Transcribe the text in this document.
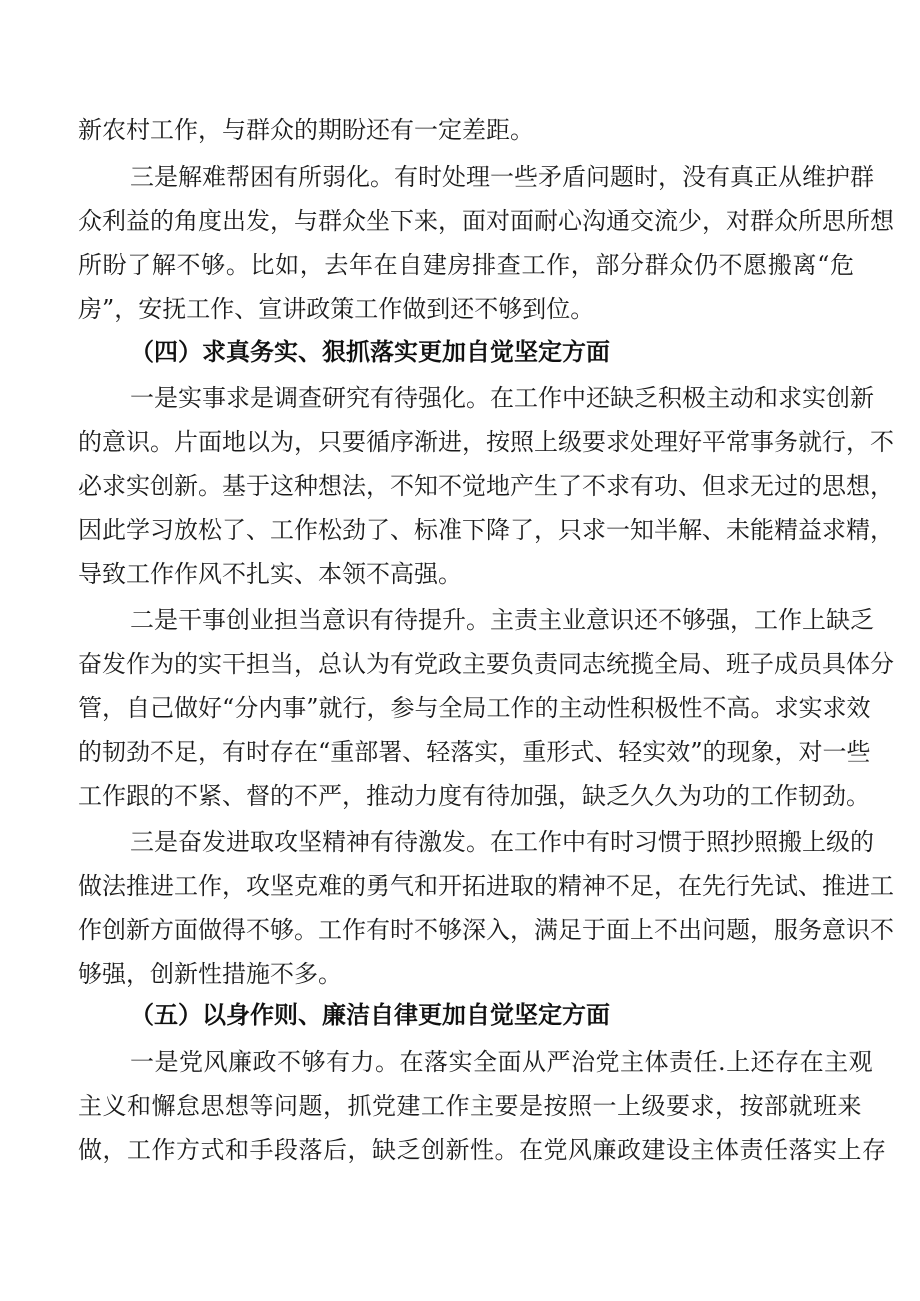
新农村工作，与群众的期盼还有一定差距。
三是解难帮困有所弱化。有时处理一些矛盾问题时，没有真正从维护群
众利益的角度出发，与群众坐下来，面对面耐心沟通交流少，对群众所思所想
所盼了解不够。比如，去年在自建房排查工作，部分群众仍不愿搬离“危
房”，安抚工作、宣讲政策工作做到还不够到位。
（四）求真务实、狠抓落实更加自觉坚定方面
一是实事求是调查研究有待强化。在工作中还缺乏积极主动和求实创新
的意识。片面地以为，只要循序渐进，按照上级要求处理好平常事务就行，不
必求实创新。基于这种想法，不知不觉地产生了不求有功、但求无过的思想，
因此学习放松了、工作松劲了、标准下降了，只求一知半解、未能精益求精，
导致工作作风不扎实、本领不高强。
二是干事创业担当意识有待提升。主责主业意识还不够强，工作上缺乏
奋发作为的实干担当，总认为有党政主要负责同志统揽全局、班子成员具体分
管，自己做好“分内事”就行，参与全局工作的主动性积极性不高。求实求效
的韧劲不足，有时存在“重部署、轻落实，重形式、轻实效”的现象，对一些
工作跟的不紧、督的不严，推动力度有待加强，缺乏久久为功的工作韧劲。
三是奋发进取攻坚精神有待激发。在工作中有时习惯于照抄照搬上级的
做法推进工作，攻坚克难的勇气和开拓进取的精神不足，在先行先试、推进工
作创新方面做得不够。工作有时不够深入，满足于面上不出问题，服务意识不
够强，创新性措施不多。
（五）以身作则、廉洁自律更加自觉坚定方面
一是党风廉政不够有力。在落实全面从严治党主体责任.上还存在主观
主义和懈怠思想等问题，抓党建工作主要是按照一上级要求，按部就班来
做，工作方式和手段落后，缺乏创新性。在党风廉政建设主体责任落实上存
